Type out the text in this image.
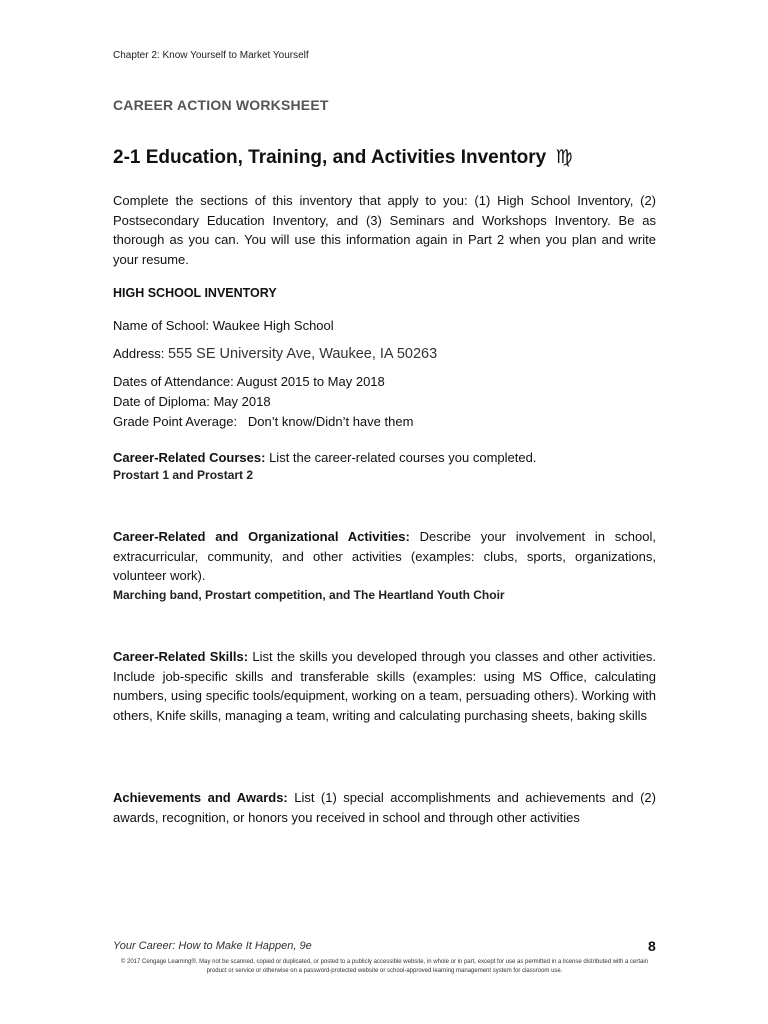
Chapter 2: Know Yourself to Market Yourself
CAREER ACTION WORKSHEET
2-1 Education, Training, and Activities Inventory ♍
Complete the sections of this inventory that apply to you: (1) High School Inventory, (2) Postsecondary Education Inventory, and (3) Seminars and Workshops Inventory. Be as thorough as you can. You will use this information again in Part 2 when you plan and write your resume.
HIGH SCHOOL INVENTORY
Name of School: Waukee High School
Address: 555 SE University Ave, Waukee, IA 50263
Dates of Attendance: August 2015 to May 2018
Date of Diploma: May 2018
Grade Point Average: Don’t know/Didn’t have them
Career-Related Courses: List the career-related courses you completed.
Prostart 1 and Prostart 2
Career-Related and Organizational Activities: Describe your involvement in school, extracurricular, community, and other activities (examples: clubs, sports, organizations, volunteer work).
Marching band, Prostart competition, and The Heartland Youth Choir
Career-Related Skills: List the skills you developed through you classes and other activities. Include job-specific skills and transferable skills (examples: using MS Office, calculating numbers, using specific tools/equipment, working on a team, persuading others). Working with others, Knife skills, managing a team, writing and calculating purchasing sheets, baking skills
Achievements and Awards: List (1) special accomplishments and achievements and (2) awards, recognition, or honors you received in school and through other activities
Your Career: How to Make It Happen, 9e	8
© 2017 Cengage Learning®. May not be scanned, copied or duplicated, or posted to a publicly accessible website, in whole or in part, except for use as permitted in a license distributed with a certain product or service or otherwise on a password-protected website or school-approved learning management system for classroom use.
